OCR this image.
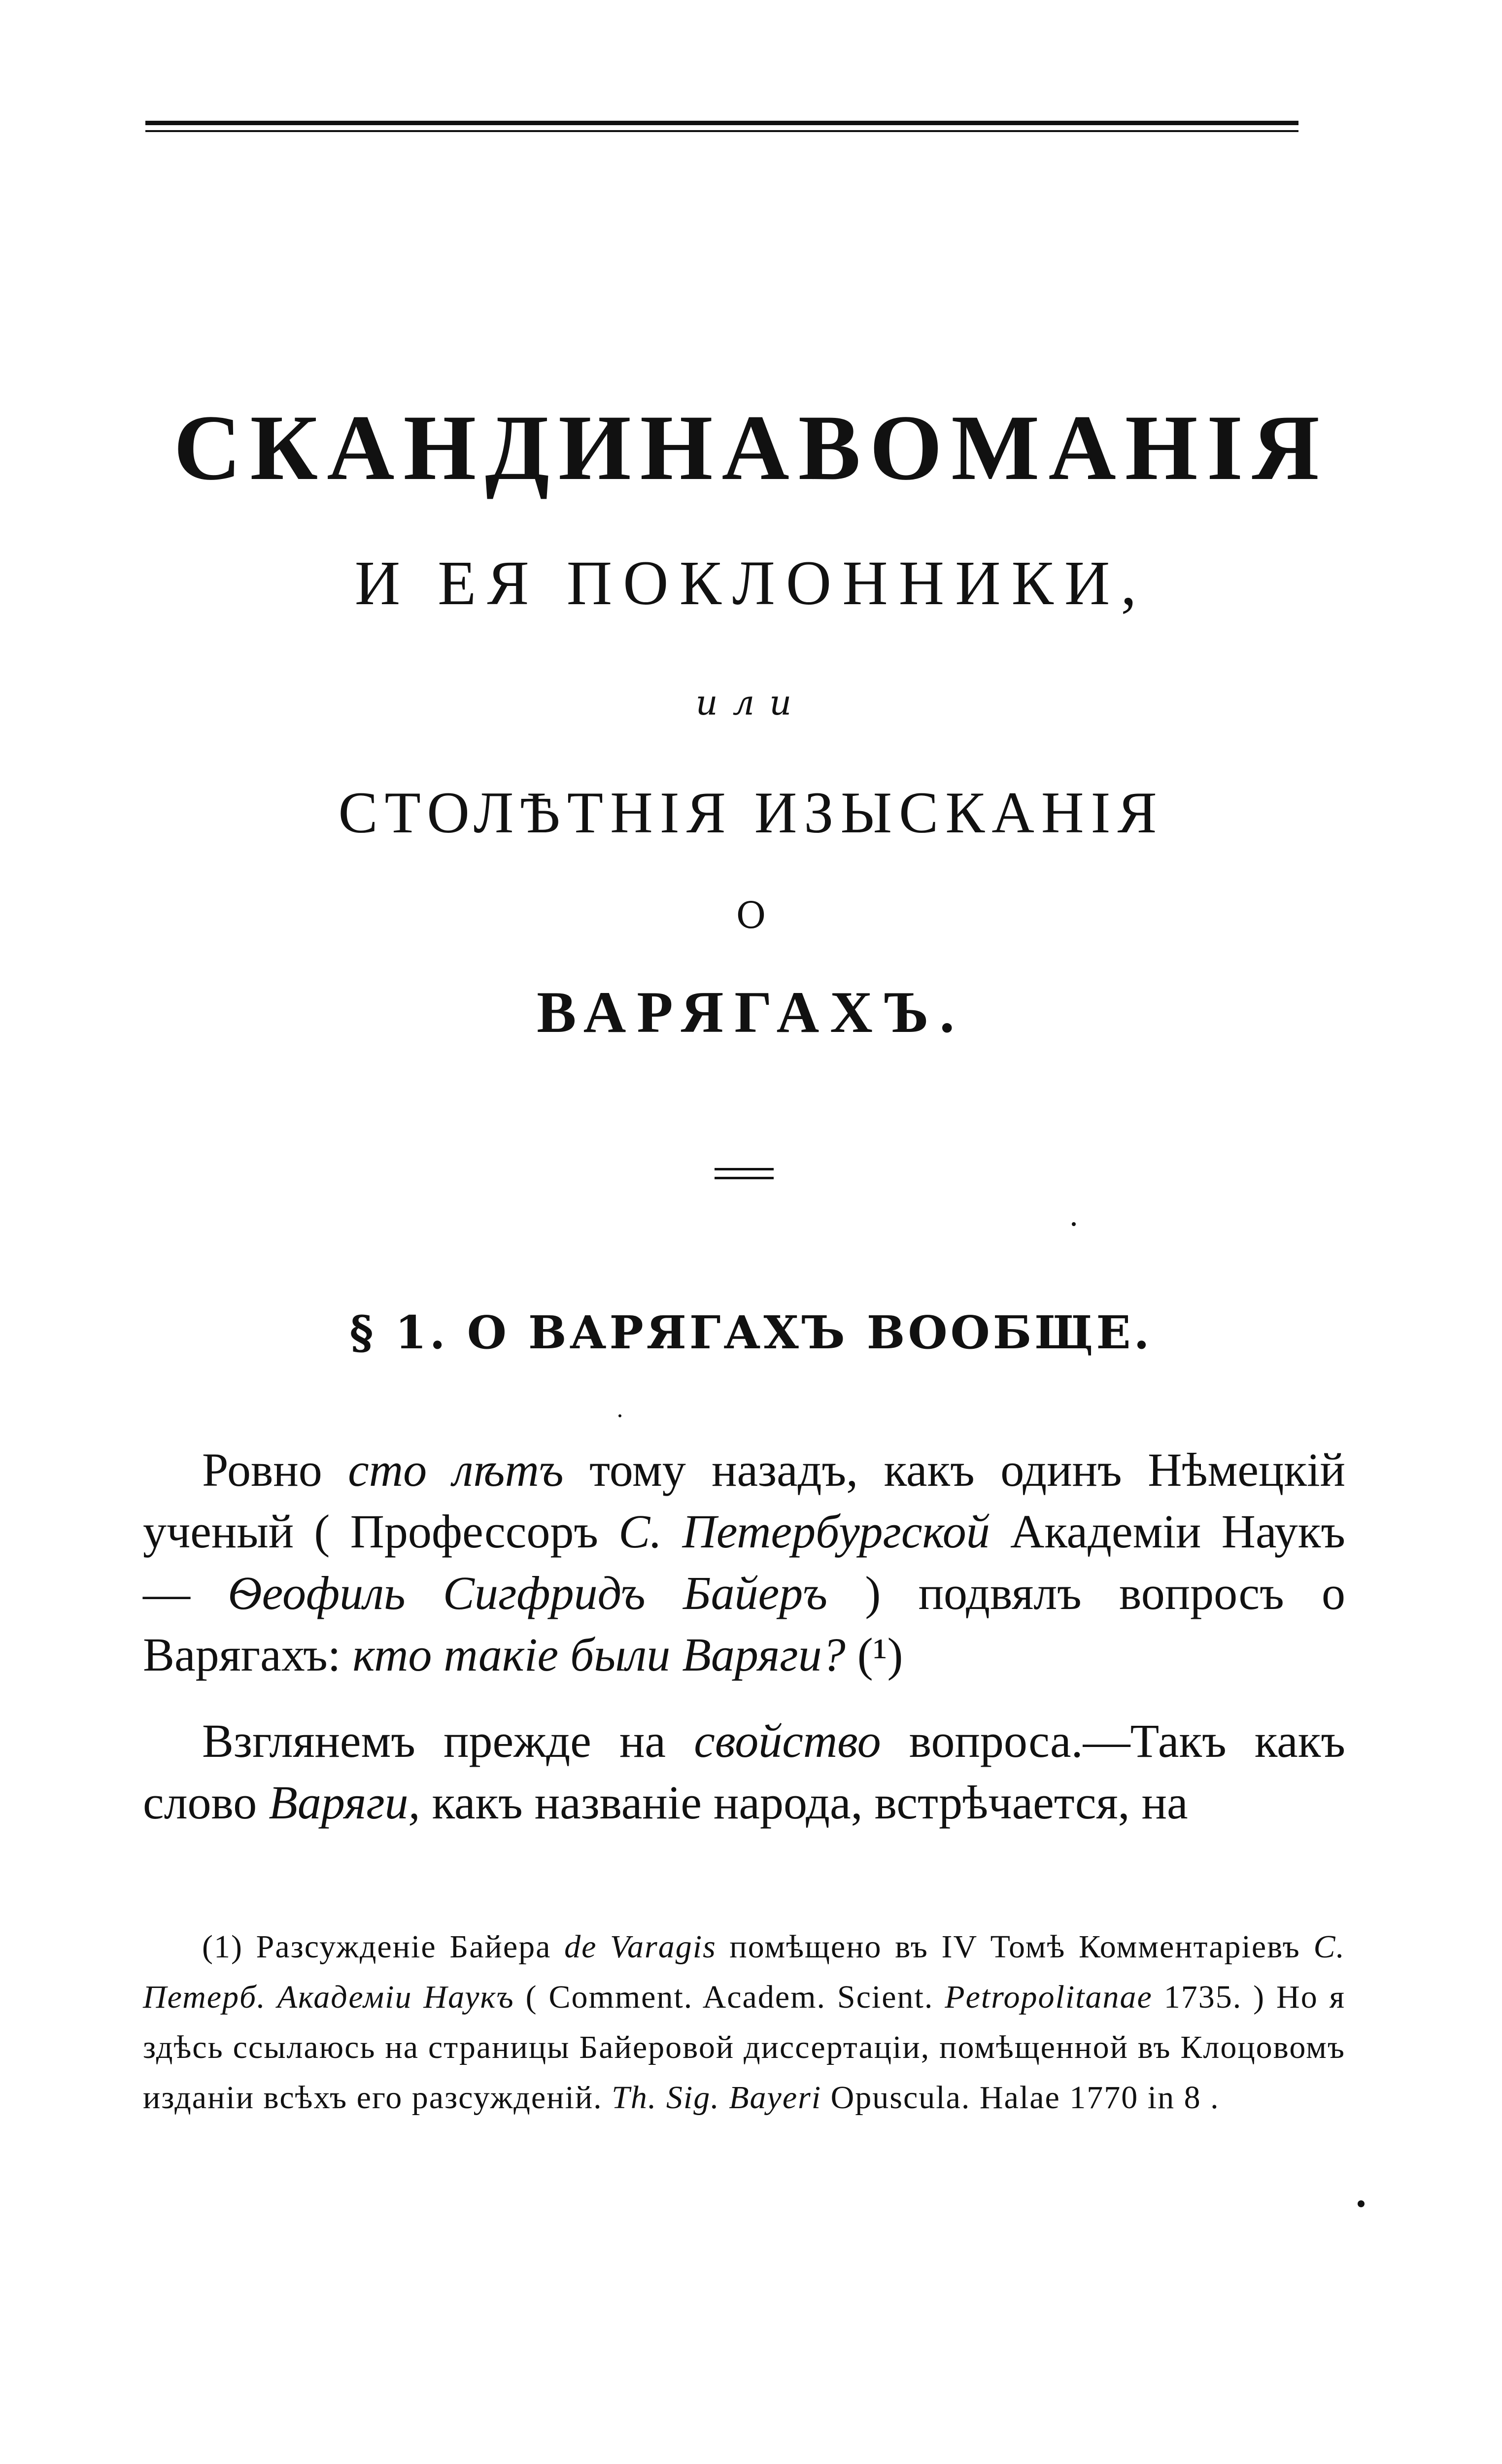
СКАНДИНАВОМАНІЯ
И ЕЯ ПОКЛОННИКИ,
или
СТОЛѢТНІЯ ИЗЫСКАНІЯ
О
ВАРЯГАХЪ.
§ 1. О ВАРЯГАХЪ ВООБЩЕ.
Ровно сто лѣтъ тому назадъ, какъ одинъ Нѣмецкій ученый ( Профессоръ С. Петербургской Академіи Наукъ — Ѳеофиль Сигфридъ Байеръ ) подвялъ вопросъ о Варягахъ: кто такіе были Варяги? (¹)
Взглянемъ прежде на свойство вопроса.—Такъ какъ слово Варяги, какъ названіе народа, встрѣчается, на
(1) Разсужденіе Байера de Varagis помѣщено въ IV Томѣ Комментаріевъ С. Петерб. Академіи Наукъ ( Comment. Academ. Scient. Petropolitanae 1735. ) Но я здѣсь ссылаюсь на страницы Байеровой диссертаціи, помѣщенной въ Клоцовомъ изданіи всѣхъ его разсужденій. Th. Sig. Bayeri Opuscula. Halae 1770 in 8 .
